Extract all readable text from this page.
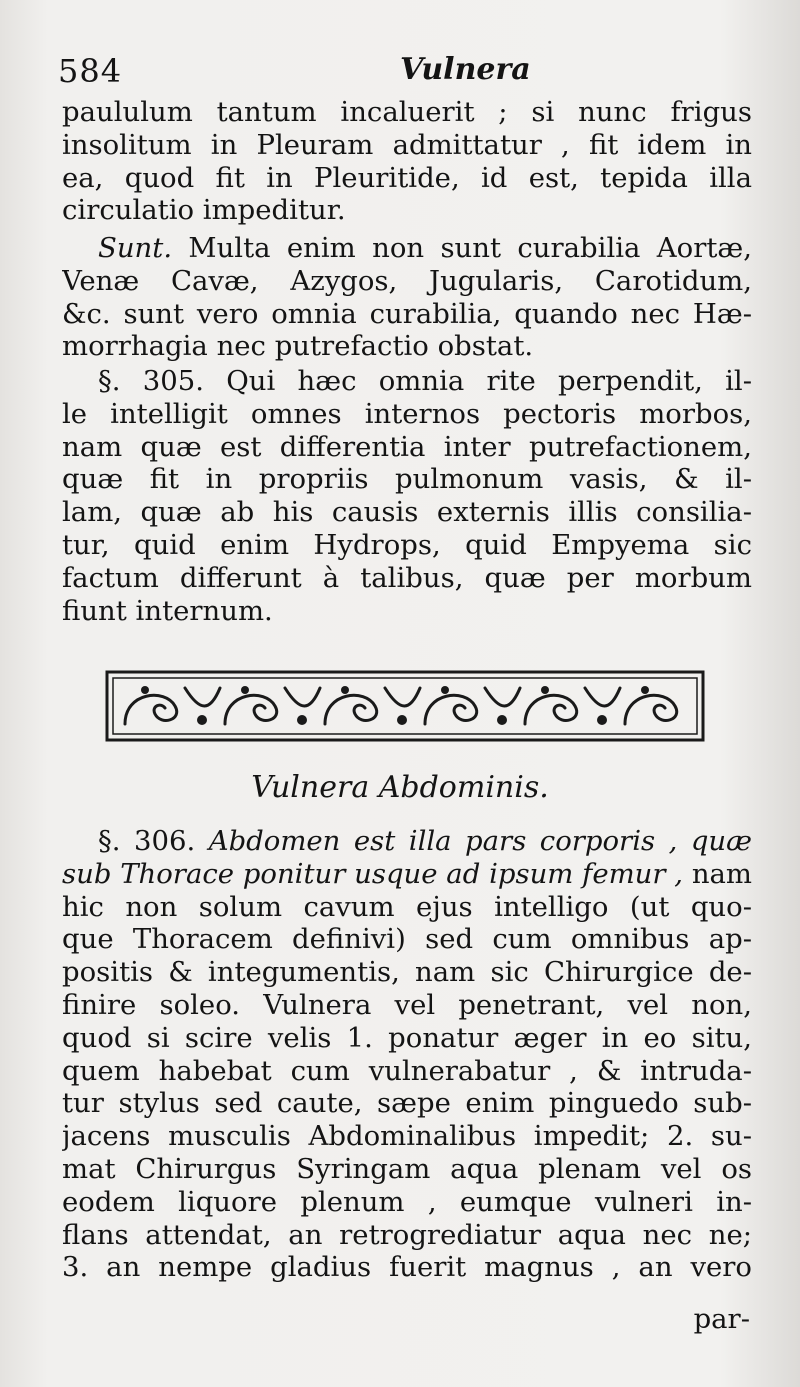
584	Vulnera
paululum tantum incaluerit ; si nunc frigus
insolitum in Pleuram admittatur , fit idem in
ea, quod fit in Pleuritide, id est, tepida illa
circulatio impeditur.
Sunt. Multa enim non sunt curabilia Aortæ,
Venæ Cavæ, Azygos, Jugularis, Carotidum,
&c. sunt vero omnia curabilia, quando nec Hæ-
morrhagia nec putrefactio obstat.
§. 305. Qui hæc omnia rite perpendit, il-
le intelligit omnes internos pectoris morbos,
nam quæ est differentia inter putrefactionem,
quæ fit in propriis pulmonum vasis, & il-
lam, quæ ab his causis externis illis consilia-
tur, quid enim Hydrops, quid Empyema sic
factum differunt à talibus, quæ per morbum
fiunt internum.
Vulnera Abdominis.
§. 306. Abdomen est illa pars corporis , quæ
sub Thorace ponitur usque ad ipsum femur , nam
hic non solum cavum ejus intelligo (ut quo-
que Thoracem definivi) sed cum omnibus ap-
positis & integumentis, nam sic Chirurgice de-
finire soleo. Vulnera vel penetrant, vel non,
quod si scire velis 1. ponatur æger in eo situ,
quem habebat cum vulnerabatur , & intruda-
tur stylus sed caute, sæpe enim pinguedo sub-
jacens musculis Abdominalibus impedit; 2. su-
mat Chirurgus Syringam aqua plenam vel os
eodem liquore plenum , eumque vulneri in-
flans attendat, an retrogrediatur aqua nec ne;
3. an nempe gladius fuerit magnus , an vero
par-
